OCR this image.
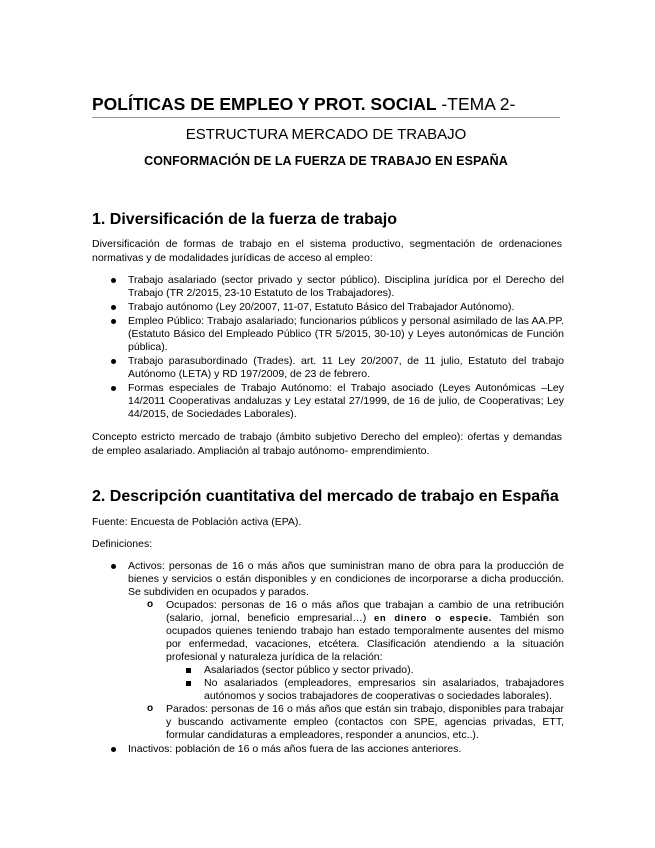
POLÍTICAS DE EMPLEO Y PROT. SOCIAL -TEMA 2-
ESTRUCTURA MERCADO DE TRABAJO
CONFORMACIÓN DE LA FUERZA DE TRABAJO EN ESPAÑA
1. Diversificación de la fuerza de trabajo
Diversificación de formas de trabajo en el sistema productivo, segmentación de ordenaciones normativas y de modalidades jurídicas de acceso al empleo:
Trabajo asalariado (sector privado y sector público). Disciplina jurídica por el Derecho del Trabajo (TR 2/2015, 23-10 Estatuto de los Trabajadores).
Trabajo autónomo (Ley 20/2007, 11-07, Estatuto Básico del Trabajador Autónomo).
Empleo Público: Trabajo asalariado; funcionarios públicos y personal asimilado de las AA.PP. (Estatuto Básico del Empleado Público (TR 5/2015, 30-10) y Leyes autonómicas de Función pública).
Trabajo parasubordinado (Trades). art. 11 Ley 20/2007, de 11 julio, Estatuto del trabajo Autónomo (LETA) y RD 197/2009, de 23 de febrero.
Formas especiales de Trabajo Autónomo: el Trabajo asociado (Leyes Autonómicas –Ley 14/2011 Cooperativas andaluzas y Ley estatal 27/1999, de 16 de julio, de Cooperativas; Ley 44/2015, de Sociedades Laborales).
Concepto estricto mercado de trabajo (ámbito subjetivo Derecho del empleo): ofertas y demandas de empleo asalariado. Ampliación al trabajo autónomo- emprendimiento.
2. Descripción cuantitativa del mercado de trabajo en España
Fuente: Encuesta de Población activa (EPA).
Definiciones:
Activos: personas de 16 o más años que suministran mano de obra para la producción de bienes y servicios o están disponibles y en condiciones de incorporarse a dicha producción. Se subdividen en ocupados y parados.
o Ocupados: personas de 16 o más años que trabajan a cambio de una retribución (salario, jornal, beneficio empresarial…) en dinero o especie. También son ocupados quienes teniendo trabajo han estado temporalmente ausentes del mismo por enfermedad, vacaciones, etcétera. Clasificación atendiendo a la situación profesional y naturaleza jurídica de la relación:
Asalariados (sector público y sector privado).
No asalariados (empleadores, empresarios sin asalariados, trabajadores autónomos y socios trabajadores de cooperativas o sociedades laborales).
o Parados: personas de 16 o más años que están sin trabajo, disponibles para trabajar y buscando activamente empleo (contactos con SPE, agencias privadas, ETT, formular candidaturas a empleadores, responder a anuncios, etc..).
Inactivos: población de 16 o más años fuera de las acciones anteriores.
